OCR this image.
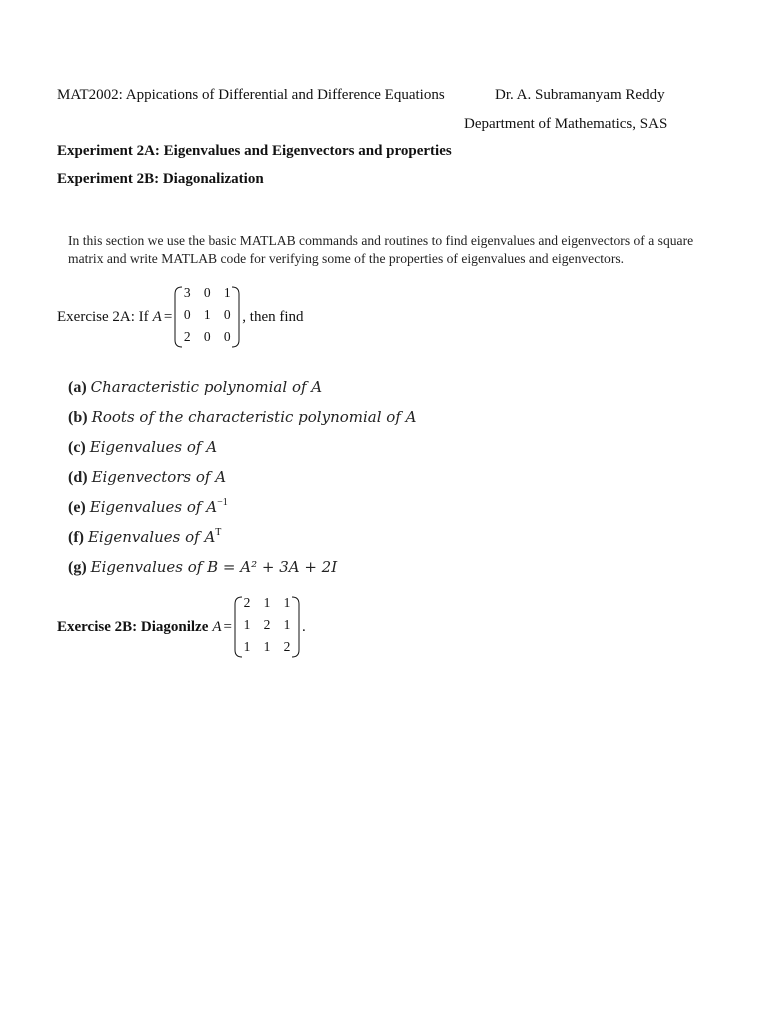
MAT2002: Appications of Differential and Difference Equations	Dr. A. Subramanyam Reddy
Department of Mathematics, SAS
Experiment 2A: Eigenvalues and Eigenvectors and properties
Experiment 2B: Diagonalization
In this section we use the basic MATLAB commands and routines to find eigenvalues and eigenvectors of a square matrix and write MATLAB code for verifying some of the properties of eigenvalues and eigenvectors.
Exercise 2A: If A =
3 0 1
0 1 0
2 0 0
, then find
(a) Characteristic polynomial of A
(b) Roots of the characteristic polynomial of A
(c) Eigenvalues of A
(d) Eigenvectors of A
(e) Eigenvalues of $A^{-1}$
(f) Eigenvalues of $A^T$
(g) Eigenvalues of B = A² + 3A + 2I
Exercise 2B: Diagonilze A =
2 1 1
1 2 1
1 1 2
.
